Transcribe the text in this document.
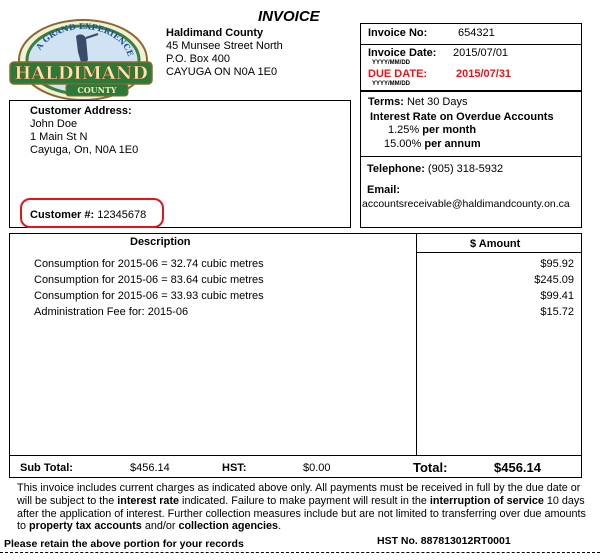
A GRAND EXPERIENCE
HALDIMAND
COUNTY
INVOICE
Haldimand County
45 Munsee Street North
P.O. Box 400
CAYUGA ON N0A 1E0
Invoice No:	654321
Invoice Date: 2015/07/01
YYYY/MM/DD
DUE DATE:	2015/07/31
YYYY/MM/DD
Terms: Net 30 Days
Interest Rate on Overdue Accounts
1.25% per month
15.00% per annum
Telephone: (905) 318-5932
Email:
accountsreceivable@haldimandcounty.on.ca
Customer Address:
John Doe
1 Main St N
Cayuga, On, N0A 1E0
Customer #: 12345678
Description	$ Amount
Consumption for 2015-06 = 32.74 cubic metres	$95.92
Consumption for 2015-06 = 83.64 cubic metres	$245.09
Consumption for 2015-06 = 33.93 cubic metres	$99.41
Administration Fee for: 2015-06	$15.72
Sub Total:	$456.14	HST:	$0.00	Total:	$456.14
This invoice includes current charges as indicated above only. All payments must be received in full by the due date or will be subject to the interest rate indicated. Failure to make payment will result in the interruption of service 10 days after the application of interest. Further collection measures include but are not limited to transferring over due amounts to property tax accounts and/or collection agencies.
Please retain the above portion for your records	HST No. 887813012RT0001
